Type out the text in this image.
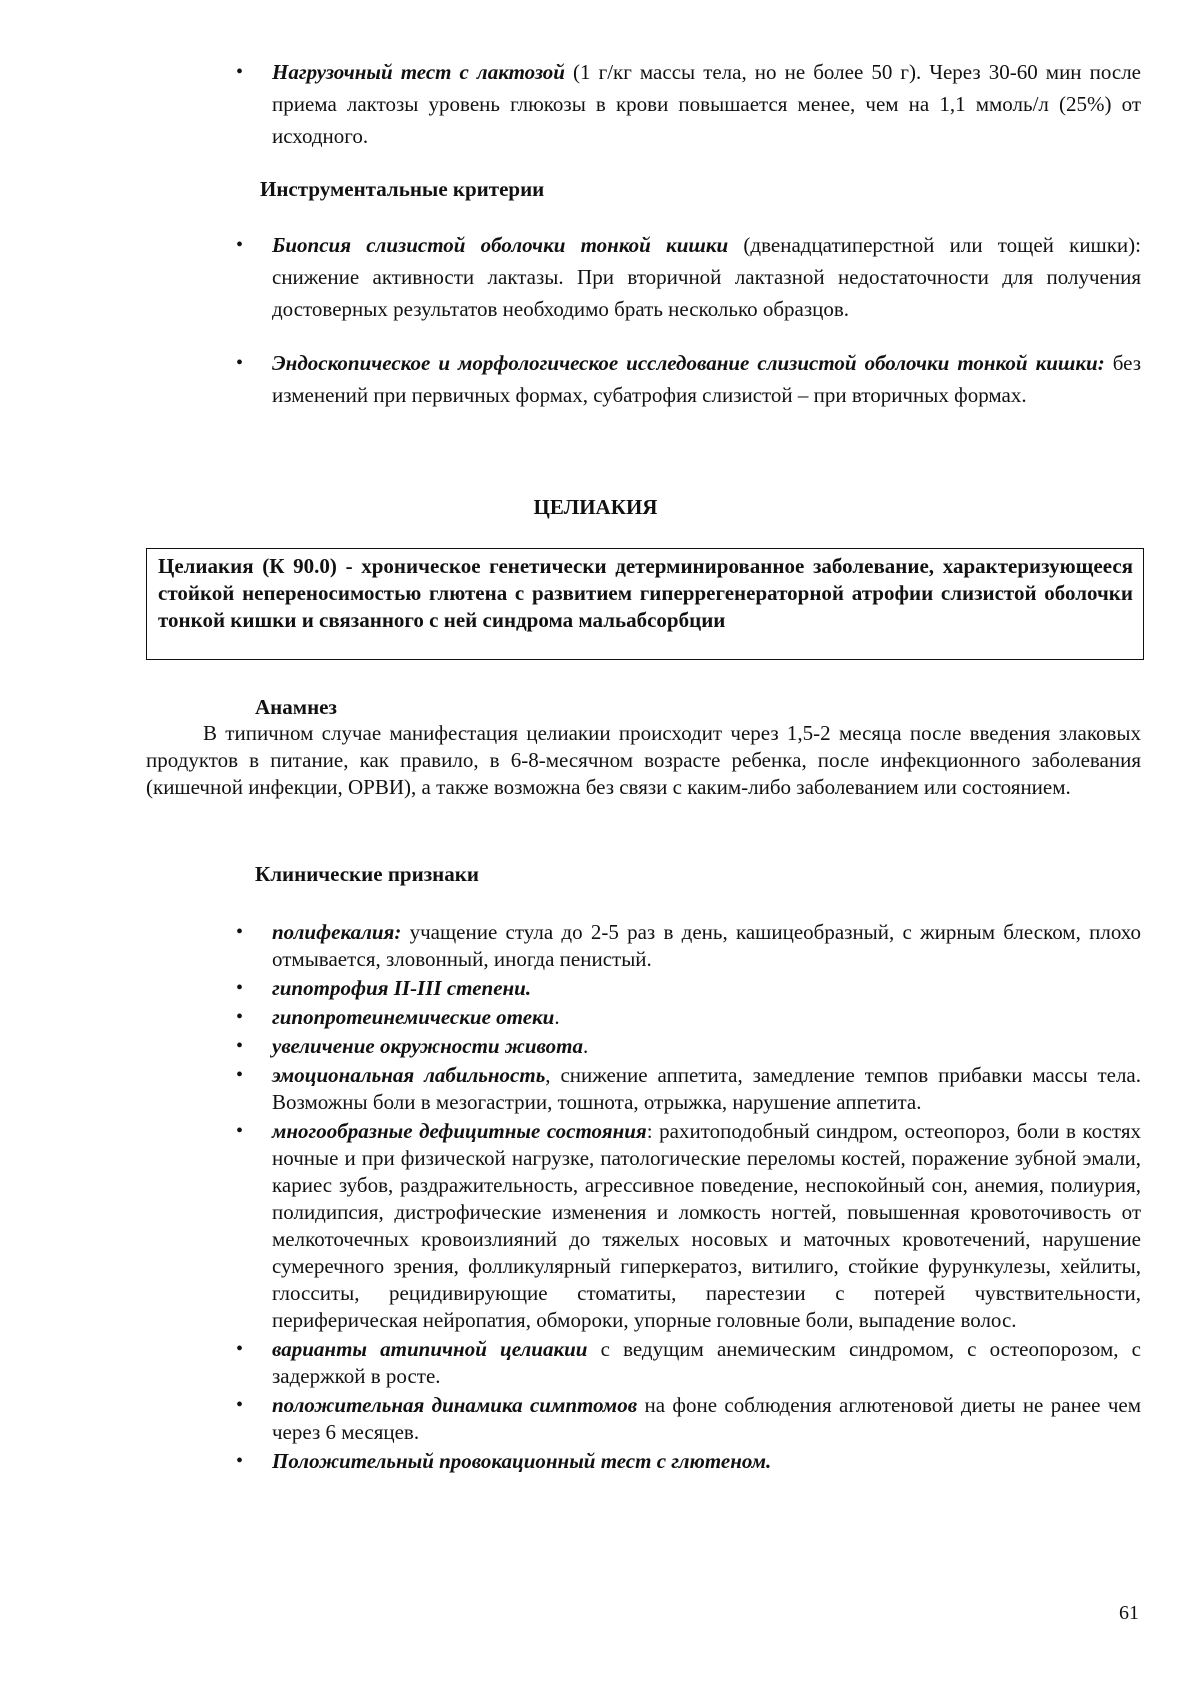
• Нагрузочный тест с лактозой (1 г/кг массы тела, но не более 50 г). Через 30-60 мин после приема лактозы уровень глюкозы в крови повышается менее, чем на 1,1 ммоль/л (25%) от исходного.
Инструментальные критерии
• Биопсия слизистой оболочки тонкой кишки (двенадцатиперстной или тощей кишки): снижение активности лактазы. При вторичной лактазной недостаточности для получения достоверных результатов необходимо брать несколько образцов.
• Эндоскопическое и морфологическое исследование слизистой оболочки тонкой кишки: без изменений при первичных формах, субатрофия слизистой – при вторичных формах.
ЦЕЛИАКИЯ
Целиакия (К 90.0) - хроническое генетически детерминированное заболевание, характеризующееся стойкой непереносимостью глютена с развитием гиперрегенераторной атрофии слизистой оболочки тонкой кишки и связанного с ней синдрома мальабсорбции
Анамнез

В типичном случае манифестация целиакии происходит через 1,5-2 месяца после введения злаковых продуктов в питание, как правило, в 6-8-месячном возрасте ребенка, после инфекционного заболевания (кишечной инфекции, ОРВИ), а также возможна без связи с каким-либо заболеванием или состоянием.

Клинические признаки
• полифекалия: учащение стула до 2-5 раз в день, кашицеобразный, с жирным блеском, плохо отмывается, зловонный, иногда пенистый.
• гипотрофия II-III степени.
• гипопротеинемические отеки.
• увеличение окружности живота.
• эмоциональная лабильность, снижение аппетита, замедление темпов прибавки массы тела. Возможны боли в мезогастрии, тошнота, отрыжка, нарушение аппетита.
• многообразные дефицитные состояния: рахитоподобный синдром, остеопороз, боли в костях ночные и при физической нагрузке, патологические переломы костей, поражение зубной эмали, кариес зубов, раздражительность, агрессивное поведение, неспокойный сон, анемия, полиурия, полидипсия, дистрофические изменения и ломкость ногтей, повышенная кровоточивость от мелкоточечных кровоизлияний до тяжелых носовых и маточных кровотечений, нарушение сумеречного зрения, фолликулярный гиперкератоз, витилиго, стойкие фурункулезы, хейлиты, глосситы, рецидивирующие стоматиты, парестезии с потерей чувствительности, периферическая нейропатия, обмороки, упорные головные боли, выпадение волос.
• варианты атипичной целиакии с ведущим анемическим синдромом, с остеопорозом, с задержкой в росте.
• положительная динамика симптомов на фоне соблюдения аглютеновой диеты не ранее чем через 6 месяцев.
• Положительный провокационный тест с глютеном.
61
